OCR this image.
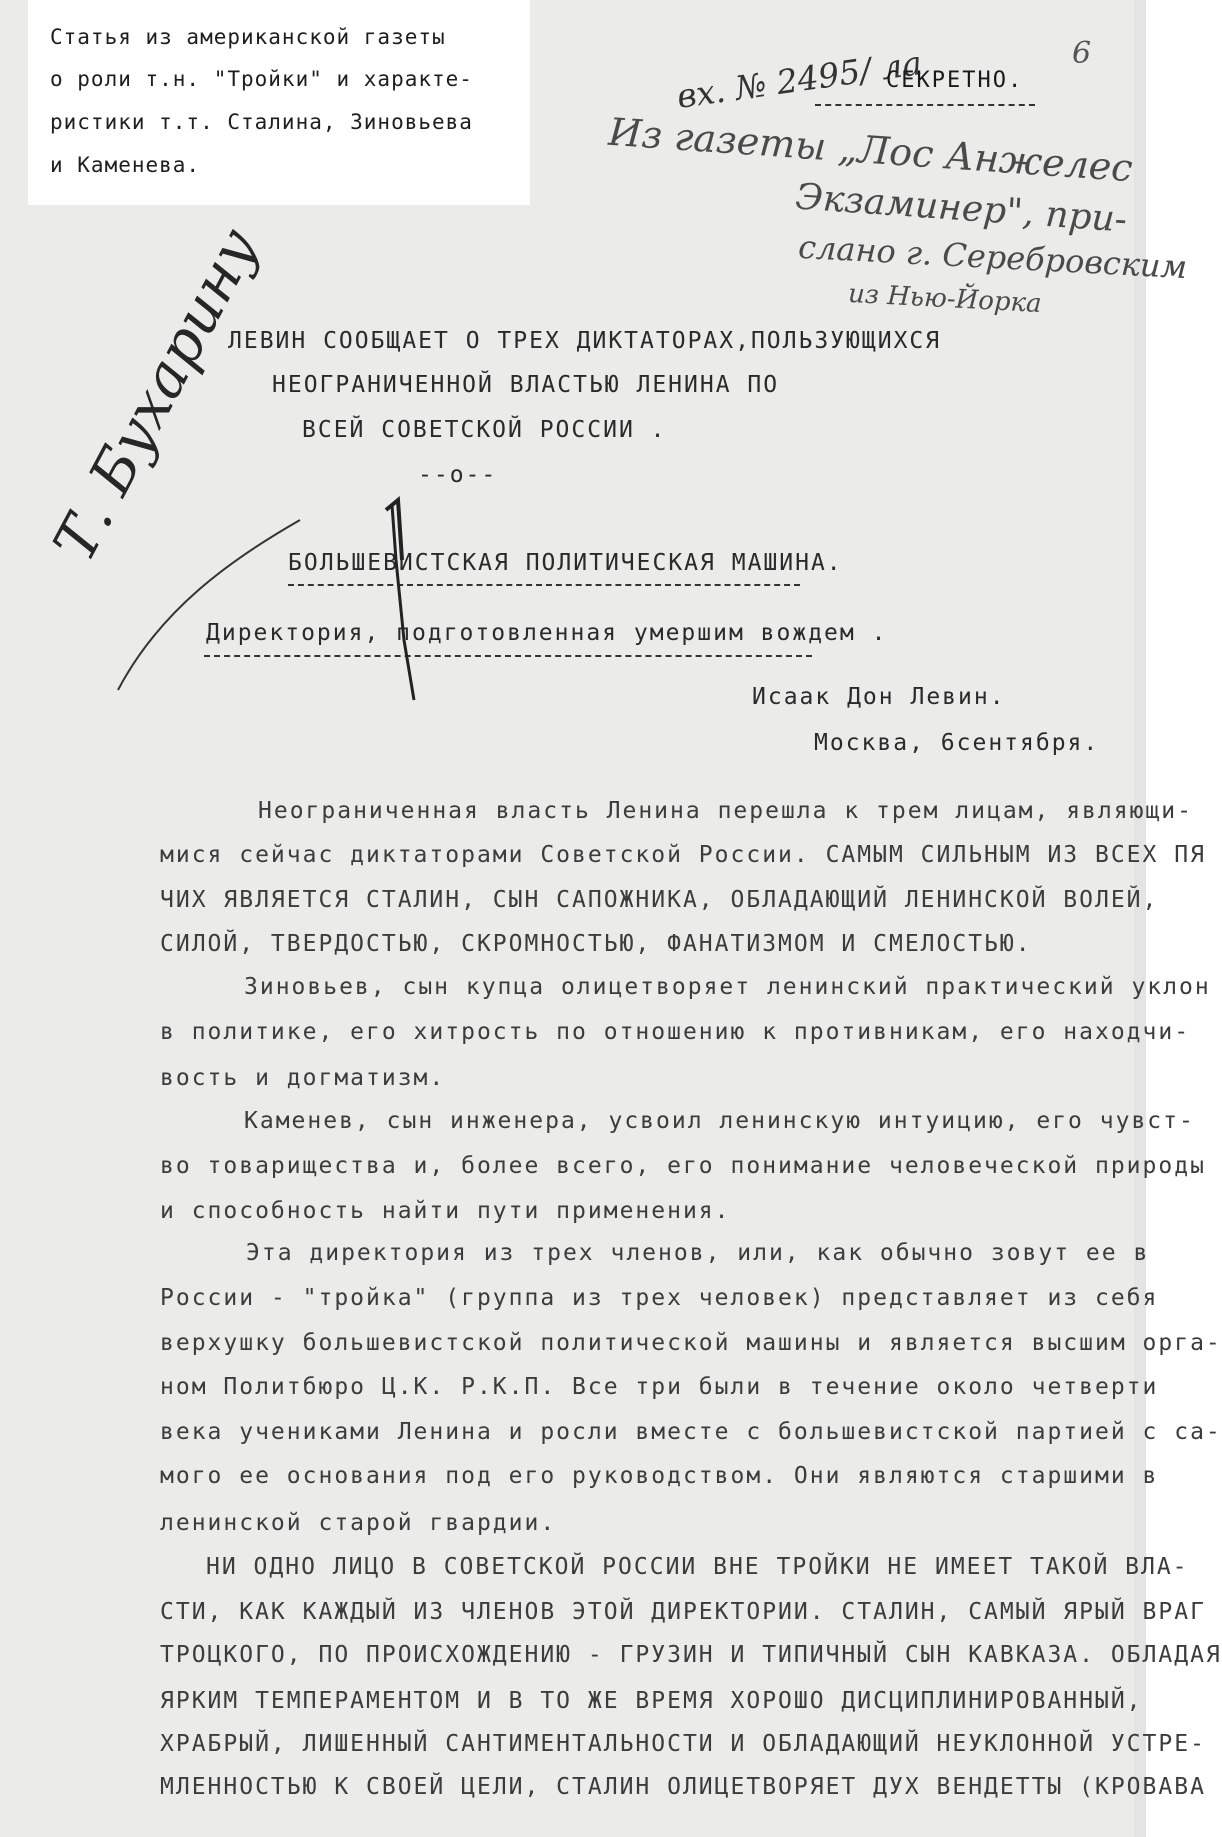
Статья из американской газеты
о роли т.н. "Тройки" и характе-
ристики т.т. Сталина, Зиновьева
и Каменева.
6
вх. № 2495/ ла
СЕКРЕТНО.
Из газеты „Лос Анжелес
Экзаминер", при-
слано г. Серебровским
из Нью-Йорка
ЛЕВИН СООБЩАЕТ О ТРЕХ ДИКТАТОРАХ,ПОЛЬЗУЮЩИХСЯ
НЕОГРАНИЧЕННОЙ ВЛАСТЬЮ ЛЕНИНА ПО
ВСЕЙ СОВЕТСКОЙ РОССИИ .
--o--
БОЛЬШЕВИСТСКАЯ ПОЛИТИЧЕСКАЯ МАШИНА.
Директория, подготовленная умершим вождем .
Исаак Дон Левин.
Москва, 6сентября.
Неограниченная власть Ленина перешла к трем лицам, являющи-
мися сейчас диктаторами Советской России. САМЫМ СИЛЬНЫМ ИЗ ВСЕХ ПЯ
ЧИХ ЯВЛЯЕТСЯ СТАЛИН, СЫН САПОЖНИКА, ОБЛАДАЮЩИЙ ЛЕНИНСКОЙ ВОЛЕЙ,
СИЛОЙ, ТВЕРДОСТЬЮ, СКРОМНОСТЬЮ, ФАНАТИЗМОМ И СМЕЛОСТЬЮ.
Зиновьев, сын купца олицетворяет ленинский практический уклон
в политике, его хитрость по отношению к противникам, его находчи-
вость и догматизм.
Каменев, сын инженера, усвоил ленинскую интуицию, его чувст-
во товарищества и, более всего, его понимание человеческой природы
и способность найти пути применения.
Эта директория из трех членов, или, как обычно зовут ее в
России - "тройка" (группа из трех человек) представляет из себя
верхушку большевистской политической машины и является высшим орга-
ном Политбюро Ц.К. Р.К.П. Все три были в течение около четверти
века учениками Ленина и росли вместе с большевистской партией с са-
мого ее основания под его руководством. Они являются старшими в
ленинской старой гвардии.
НИ ОДНО ЛИЦО В СОВЕТСКОЙ РОССИИ ВНЕ ТРОЙКИ НЕ ИМЕЕТ ТАКОЙ ВЛА-
СТИ, КАК КАЖДЫЙ ИЗ ЧЛЕНОВ ЭТОЙ ДИРЕКТОРИИ. СТАЛИН, САМЫЙ ЯРЫЙ ВРАГ
ТРОЦКОГО, ПО ПРОИСХОЖДЕНИЮ - ГРУЗИН И ТИПИЧНЫЙ СЫН КАВКАЗА. ОБЛАДАЯ
ЯРКИМ ТЕМПЕРАМЕНТОМ И В ТО ЖЕ ВРЕМЯ ХОРОШО ДИСЦИПЛИНИРОВАННЫЙ,
ХРАБРЫЙ, ЛИШЕННЫЙ САНТИМЕНТАЛЬНОСТИ И ОБЛАДАЮЩИЙ НЕУКЛОННОЙ УСТРЕ-
МЛЕННОСТЬЮ К СВОЕЙ ЦЕЛИ, СТАЛИН ОЛИЦЕТВОРЯЕТ ДУХ ВЕНДЕТТЫ (КРОВАВА
Т. Бухарину
